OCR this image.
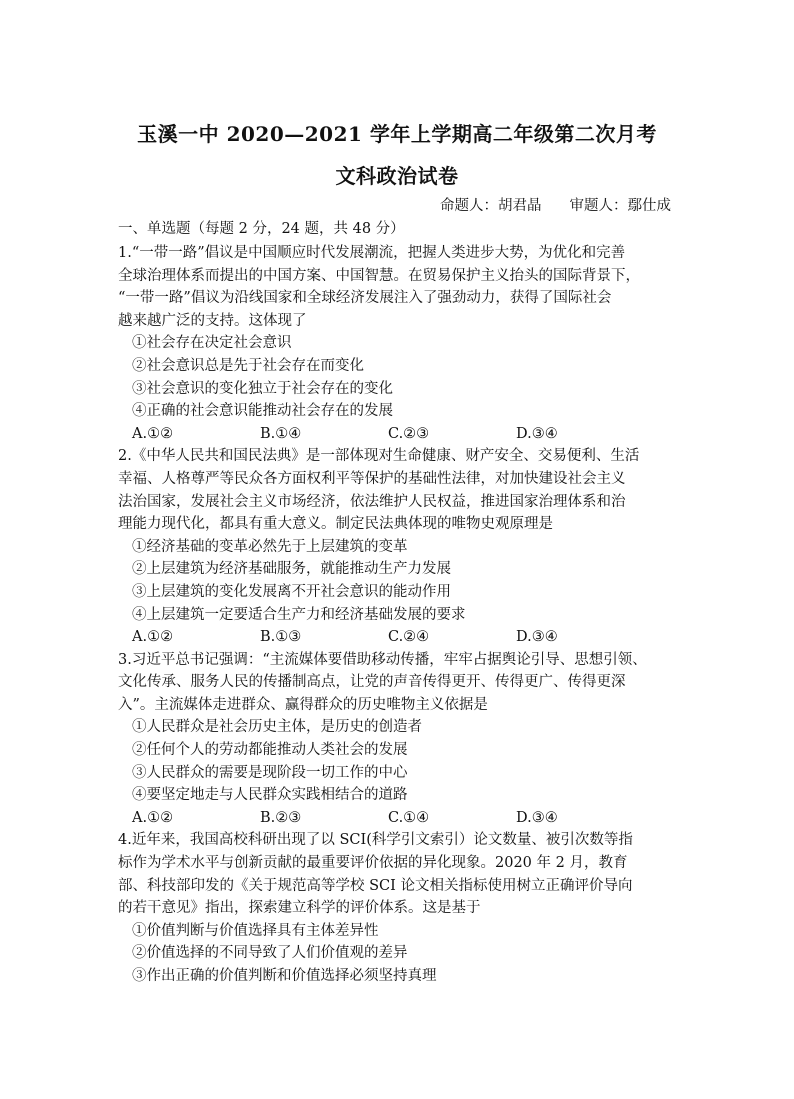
玉溪一中 2020—2021 学年上学期高二年级第二次月考
文科政治试卷
命题人：胡君晶 审题人：鄢仕成
一、单选题（每题 2 分，24 题，共 48 分）
1.“一带一路”倡议是中国顺应时代发展潮流，把握人类进步大势，为优化和完善
全球治理体系而提出的中国方案、中国智慧。在贸易保护主义抬头的国际背景下，
“一带一路”倡议为沿线国家和全球经济发展注入了强劲动力，获得了国际社会
越来越广泛的支持。这体现了
①社会存在决定社会意识
②社会意识总是先于社会存在而变化
③社会意识的变化独立于社会存在的变化
④正确的社会意识能推动社会存在的发展
A.①②	B.①④	C.②③	D.③④
2.《中华人民共和国民法典》是一部体现对生命健康、财产安全、交易便利、生活
幸福、人格尊严等民众各方面权利平等保护的基础性法律，对加快建设社会主义
法治国家，发展社会主义市场经济，依法维护人民权益，推进国家治理体系和治
理能力现代化，都具有重大意义。制定民法典体现的唯物史观原理是
①经济基础的变革必然先于上层建筑的变革
②上层建筑为经济基础服务，就能推动生产力发展
③上层建筑的变化发展离不开社会意识的能动作用
④上层建筑一定要适合生产力和经济基础发展的要求
A.①②	B.①③	C.②④	D.③④
3.习近平总书记强调：“主流媒体要借助移动传播，牢牢占据舆论引导、思想引领、
文化传承、服务人民的传播制高点，让党的声音传得更开、传得更广、传得更深
入”。主流媒体走进群众、赢得群众的历史唯物主义依据是
①人民群众是社会历史主体，是历史的创造者
②任何个人的劳动都能推动人类社会的发展
③人民群众的需要是现阶段一切工作的中心
④要坚定地走与人民群众实践相结合的道路
A.①②	B.②③	C.①④	D.③④
4.近年来，我国高校科研出现了以 SCI(科学引文索引）论文数量、被引次数等指
标作为学术水平与创新贡献的最重要评价依据的异化现象。2020 年 2 月，教育
部、科技部印发的《关于规范高等学校 SCI 论文相关指标使用树立正确评价导向
的若干意见》指出，探索建立科学的评价体系。这是基于
①价值判断与价值选择具有主体差异性
②价值选择的不同导致了人们价值观的差异
③作出正确的价值判断和价值选择必须坚持真理
